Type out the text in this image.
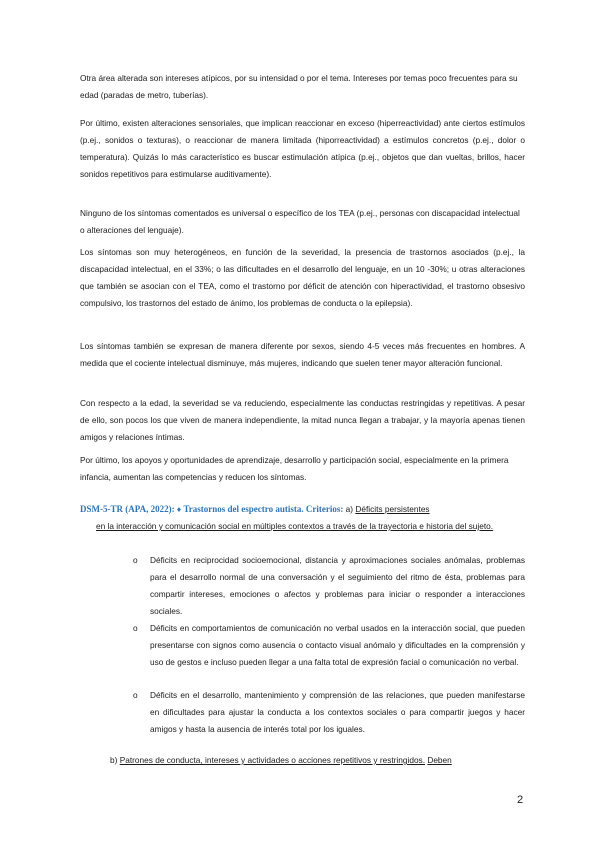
Otra área alterada son intereses atípicos, por su intensidad o por el tema. Intereses por temas poco frecuentes para su edad (paradas de metro, tuberías).

Por último, existen alteraciones sensoriales, que implican reaccionar en exceso (hiperreactividad) ante ciertos estímulos (p.ej., sonidos o texturas), o reaccionar de manera limitada (hiporreactividad) a estímulos concretos (p.ej., dolor o temperatura). Quizás lo más característico es buscar estimulación atípica (p.ej., objetos que dan vueltas, brillos, hacer sonidos repetitivos para estimularse auditivamente).

Ninguno de los síntomas comentados es universal o específico de los TEA (p.ej., personas con discapacidad intelectual o alteraciones del lenguaje).

Los síntomas son muy heterogéneos, en función de la severidad, la presencia de trastornos asociados (p.ej., la discapacidad intelectual, en el 33%; o las dificultades en el desarrollo del lenguaje, en un 10 -30%; u otras alteraciones que también se asocian con el TEA, como el trastorno por déficit de atención con hiperactividad, el trastorno obsesivo compulsivo, los trastornos del estado de ánimo, los problemas de conducta o la epilepsia).

Los síntomas también se expresan de manera diferente por sexos, siendo 4-5 veces más frecuentes en hombres. A medida que el cociente intelectual disminuye, más mujeres, indicando que suelen tener mayor alteración funcional.

Con respecto a la edad, la severidad se va reduciendo, especialmente las conductas restringidas y repetitivas. A pesar de ello, son pocos los que viven de manera independiente, la mitad nunca llegan a trabajar, y la mayoría apenas tienen amigos y relaciones íntimas.

Por último, los apoyos y oportunidades de aprendizaje, desarrollo y participación social, especialmente en la primera infancia, aumentan las competencias y reducen los síntomas.

DSM-5-TR (APA, 2022): ♦ Trastornos del espectro autista. Criterios: a) Déficits persistentes

en la interacción y comunicación social en múltiples contextos a través de la trayectoria e historia del sujeto.

o Déficits en reciprocidad socioemocional, distancia y aproximaciones sociales anómalas, problemas para el desarrollo normal de una conversación y el seguimiento del ritmo de ésta, problemas para compartir intereses, emociones o afectos y problemas para iniciar o responder a interacciones sociales.

o Déficits en comportamientos de comunicación no verbal usados en la interacción social, que pueden presentarse con signos como ausencia o contacto visual anómalo y dificultades en la comprensión y uso de gestos e incluso pueden llegar a una falta total de expresión facial o comunicación no verbal.

o Déficits en el desarrollo, mantenimiento y comprensión de las relaciones, que pueden manifestarse en dificultades para ajustar la conducta a los contextos sociales o para compartir juegos y hacer amigos y hasta la ausencia de interés total por los iguales.

b) Patrones de conducta, intereses y actividades o acciones repetitivos y restringidos. Deben

2
